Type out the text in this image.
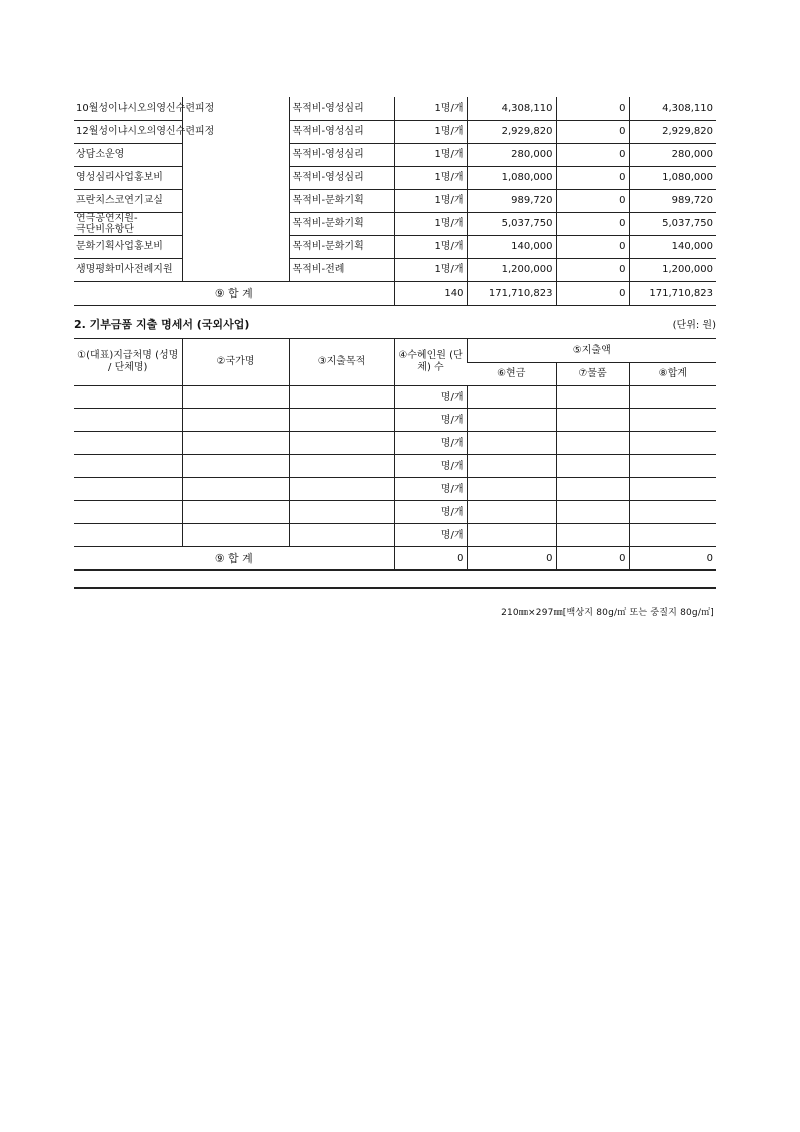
10월성이냐시오의영신수련피정		목적비-영성심리	1명/개	4,308,110	0	4,308,110
12월성이냐시오의영신수련피정		목적비-영성심리	1명/개	2,929,820	0	2,929,820
상담소운영		목적비-영성심리	1명/개	280,000	0	280,000
영성심리사업홍보비		목적비-영성심리	1명/개	1,080,000	0	1,080,000
프란치스코연기교실		목적비-문화기획	1명/개	989,720	0	989,720
연극공연지원-극단비유항단		목적비-문화기획	1명/개	5,037,750	0	5,037,750
문화기획사업홍보비		목적비-문화기획	1명/개	140,000	0	140,000
생명평화미사전례지원		목적비-전례	1명/개	1,200,000	0	1,200,000
⑨ 합 계			140	171,710,823	0	171,710,823
2. 기부금품 지출 명세서 (국외사업)	(단위: 원)
①(대표)지급처명 (성명 / 단체명)	②국가명	③지출목적	④수혜인원 (단체) 수	⑤지출액		
				⑥현금	⑦물품	⑧합계
			명/개			
			명/개			
			명/개			
			명/개			
			명/개			
			명/개			
			명/개			
⑨ 합 계			0	0	0	0
210㎜×297㎜[백상지 80g/㎡ 또는 중질지 80g/㎡]
